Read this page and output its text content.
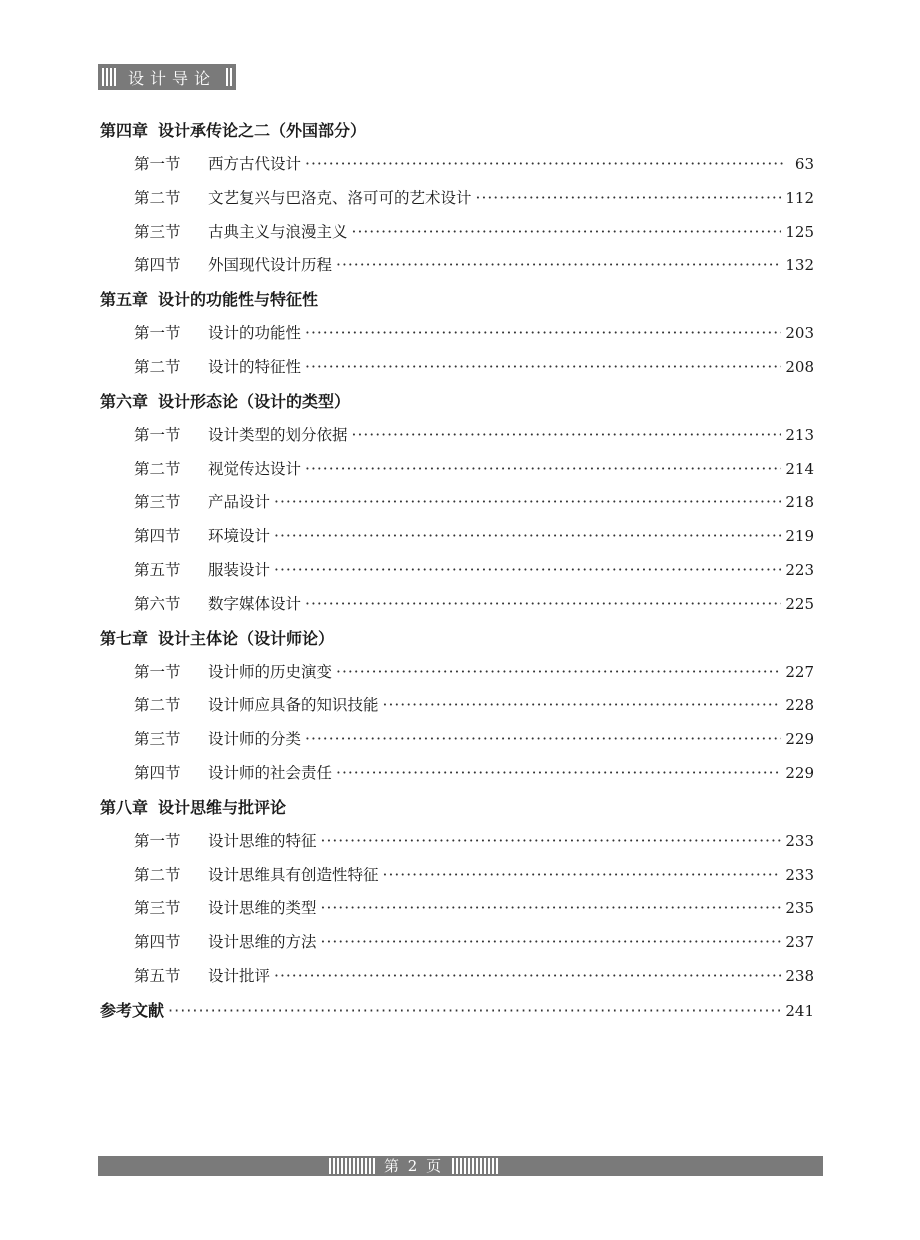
设计导论
第四章 设计承传论之二（外国部分）
第一节	西方古代设计 ·····	63
第二节	文艺复兴与巴洛克、洛可可的艺术设计 ·····	112
第三节	古典主义与浪漫主义 ·····	125
第四节	外国现代设计历程 ·····	132
第五章 设计的功能性与特征性
第一节	设计的功能性 ·····	203
第二节	设计的特征性 ·····	208
第六章 设计形态论（设计的类型）
第一节	设计类型的划分依据 ·····	213
第二节	视觉传达设计 ·····	214
第三节	产品设计 ·····	218
第四节	环境设计 ·····	219
第五节	服装设计 ·····	223
第六节	数字媒体设计 ·····	225
第七章 设计主体论（设计师论）
第一节	设计师的历史演变 ·····	227
第二节	设计师应具备的知识技能 ·····	228
第三节	设计师的分类 ·····	229
第四节	设计师的社会责任 ·····	229
第八章 设计思维与批评论
第一节	设计思维的特征 ·····	233
第二节	设计思维具有创造性特征 ·····	233
第三节	设计思维的类型 ·····	235
第四节	设计思维的方法 ·····	237
第五节	设计批评 ·····	238
参考文献 ·····	241
第 2 页
